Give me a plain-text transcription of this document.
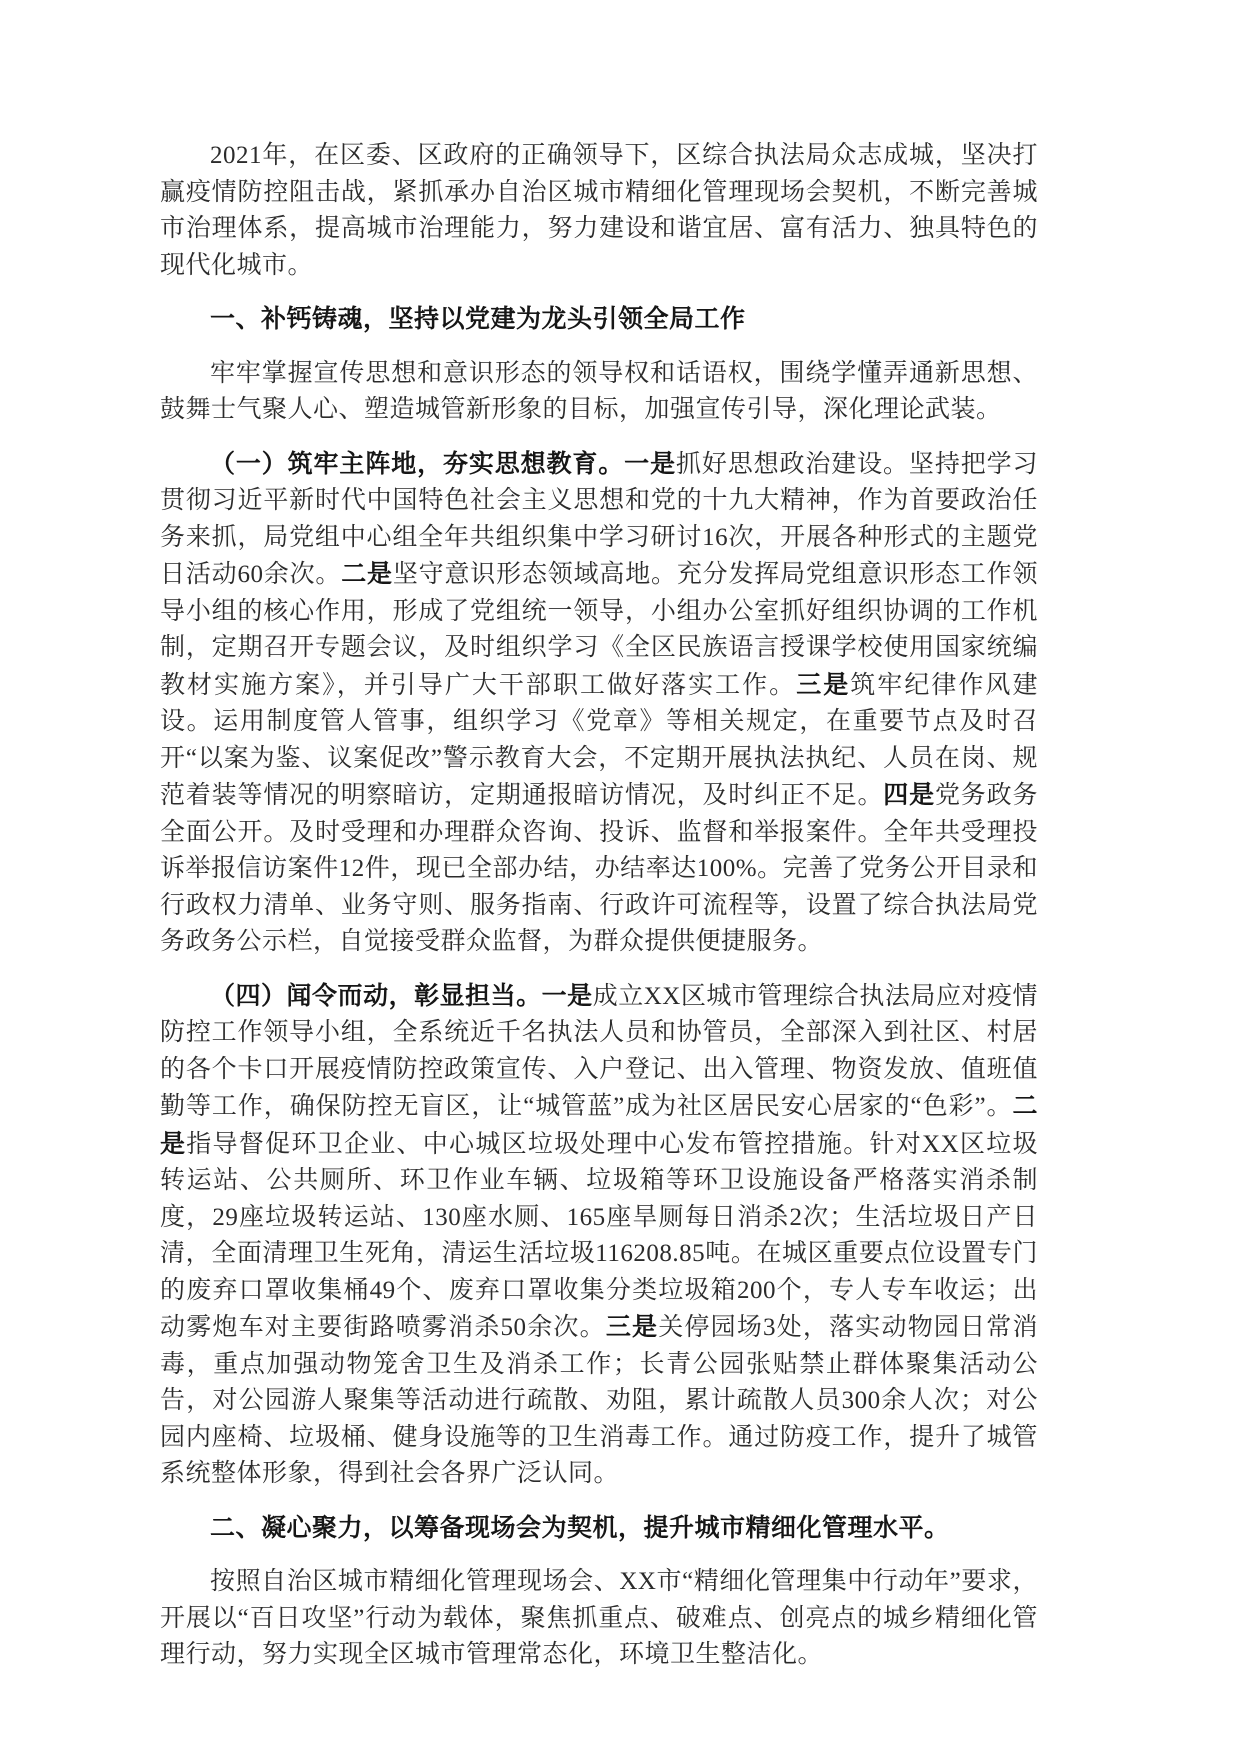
2021年，在区委、区政府的正确领导下，区综合执法局众志成城，坚决打赢疫情防控阻击战，紧抓承办自治区城市精细化管理现场会契机，不断完善城市治理体系，提高城市治理能力，努力建设和谐宜居、富有活力、独具特色的现代化城市。

一、补钙铸魂，坚持以党建为龙头引领全局工作

牢牢掌握宣传思想和意识形态的领导权和话语权，围绕学懂弄通新思想、鼓舞士气聚人心、塑造城管新形象的目标，加强宣传引导，深化理论武装。

（一）筑牢主阵地，夯实思想教育。一是抓好思想政治建设。坚持把学习贯彻习近平新时代中国特色社会主义思想和党的十九大精神，作为首要政治任务来抓，局党组中心组全年共组织集中学习研讨16次，开展各种形式的主题党日活动60余次。二是坚守意识形态领域高地。充分发挥局党组意识形态工作领导小组的核心作用，形成了党组统一领导，小组办公室抓好组织协调的工作机制，定期召开专题会议，及时组织学习《全区民族语言授课学校使用国家统编教材实施方案》，并引导广大干部职工做好落实工作。三是筑牢纪律作风建设。运用制度管人管事，组织学习《党章》等相关规定，在重要节点及时召开“以案为鉴、议案促改”警示教育大会，不定期开展执法执纪、人员在岗、规范着装等情况的明察暗访，定期通报暗访情况，及时纠正不足。四是党务政务全面公开。及时受理和办理群众咨询、投诉、监督和举报案件。全年共受理投诉举报信访案件12件，现已全部办结，办结率达100%。完善了党务公开目录和行政权力清单、业务守则、服务指南、行政许可流程等，设置了综合执法局党务政务公示栏，自觉接受群众监督，为群众提供便捷服务。

（四）闻令而动，彰显担当。一是成立XX区城市管理综合执法局应对疫情防控工作领导小组，全系统近千名执法人员和协管员，全部深入到社区、村居的各个卡口开展疫情防控政策宣传、入户登记、出入管理、物资发放、值班值勤等工作，确保防控无盲区，让“城管蓝”成为社区居民安心居家的“色彩”。二是指导督促环卫企业、中心城区垃圾处理中心发布管控措施。针对XX区垃圾转运站、公共厕所、环卫作业车辆、垃圾箱等环卫设施设备严格落实消杀制度，29座垃圾转运站、130座水厕、165座旱厕每日消杀2次；生活垃圾日产日清，全面清理卫生死角，清运生活垃圾116208.85吨。在城区重要点位设置专门的废弃口罩收集桶49个、废弃口罩收集分类垃圾箱200个，专人专车收运；出动雾炮车对主要街路喷雾消杀50余次。三是关停园场3处，落实动物园日常消毒，重点加强动物笼舍卫生及消杀工作；长青公园张贴禁止群体聚集活动公告，对公园游人聚集等活动进行疏散、劝阻，累计疏散人员300余人次；对公园内座椅、垃圾桶、健身设施等的卫生消毒工作。通过防疫工作，提升了城管系统整体形象，得到社会各界广泛认同。

二、凝心聚力，以筹备现场会为契机，提升城市精细化管理水平。

按照自治区城市精细化管理现场会、XX市“精细化管理集中行动年”要求，开展以“百日攻坚”行动为载体，聚焦抓重点、破难点、创亮点的城乡精细化管理行动，努力实现全区城市管理常态化，环境卫生整洁化。
